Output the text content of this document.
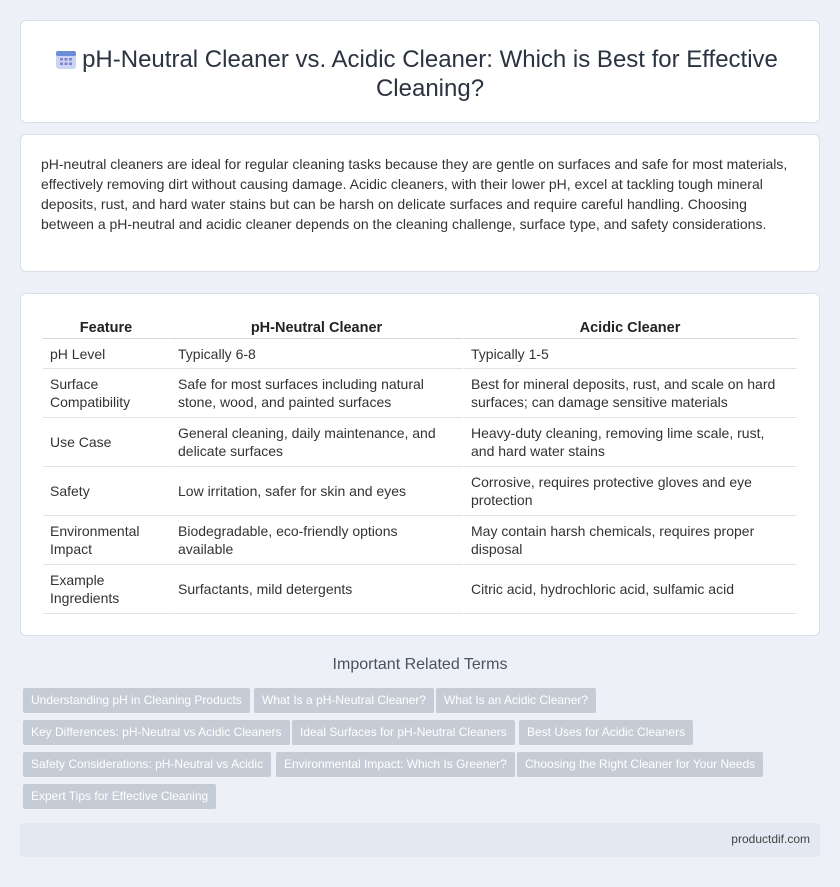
pH-Neutral Cleaner vs. Acidic Cleaner: Which is Best for Effective Cleaning?

pH-neutral cleaners are ideal for regular cleaning tasks because they are gentle on surfaces and safe for most materials, effectively removing dirt without causing damage. Acidic cleaners, with their lower pH, excel at tackling tough mineral deposits, rust, and hard water stains but can be harsh on delicate surfaces and require careful handling. Choosing between a pH-neutral and acidic cleaner depends on the cleaning challenge, surface type, and safety considerations.

Feature	pH-Neutral Cleaner	Acidic Cleaner
pH Level	Typically 6-8	Typically 1-5
Surface Compatibility	Safe for most surfaces including natural stone, wood, and painted surfaces	Best for mineral deposits, rust, and scale on hard surfaces; can damage sensitive materials
Use Case	General cleaning, daily maintenance, and delicate surfaces	Heavy-duty cleaning, removing lime scale, rust, and hard water stains
Safety	Low irritation, safer for skin and eyes	Corrosive, requires protective gloves and eye protection
Environmental Impact	Biodegradable, eco-friendly options available	May contain harsh chemicals, requires proper disposal
Example Ingredients	Surfactants, mild detergents	Citric acid, hydrochloric acid, sulfamic acid
Important Related Terms
Understanding pH in Cleaning Products	What Is a pH-Neutral Cleaner?	What Is an Acidic Cleaner?
Key Differences: pH-Neutral vs Acidic Cleaners	Ideal Surfaces for pH-Neutral Cleaners	Best Uses for Acidic Cleaners
Safety Considerations: pH-Neutral vs Acidic	Environmental Impact: Which Is Greener?	Choosing the Right Cleaner for Your Needs
Expert Tips for Effective Cleaning
productdif.com
